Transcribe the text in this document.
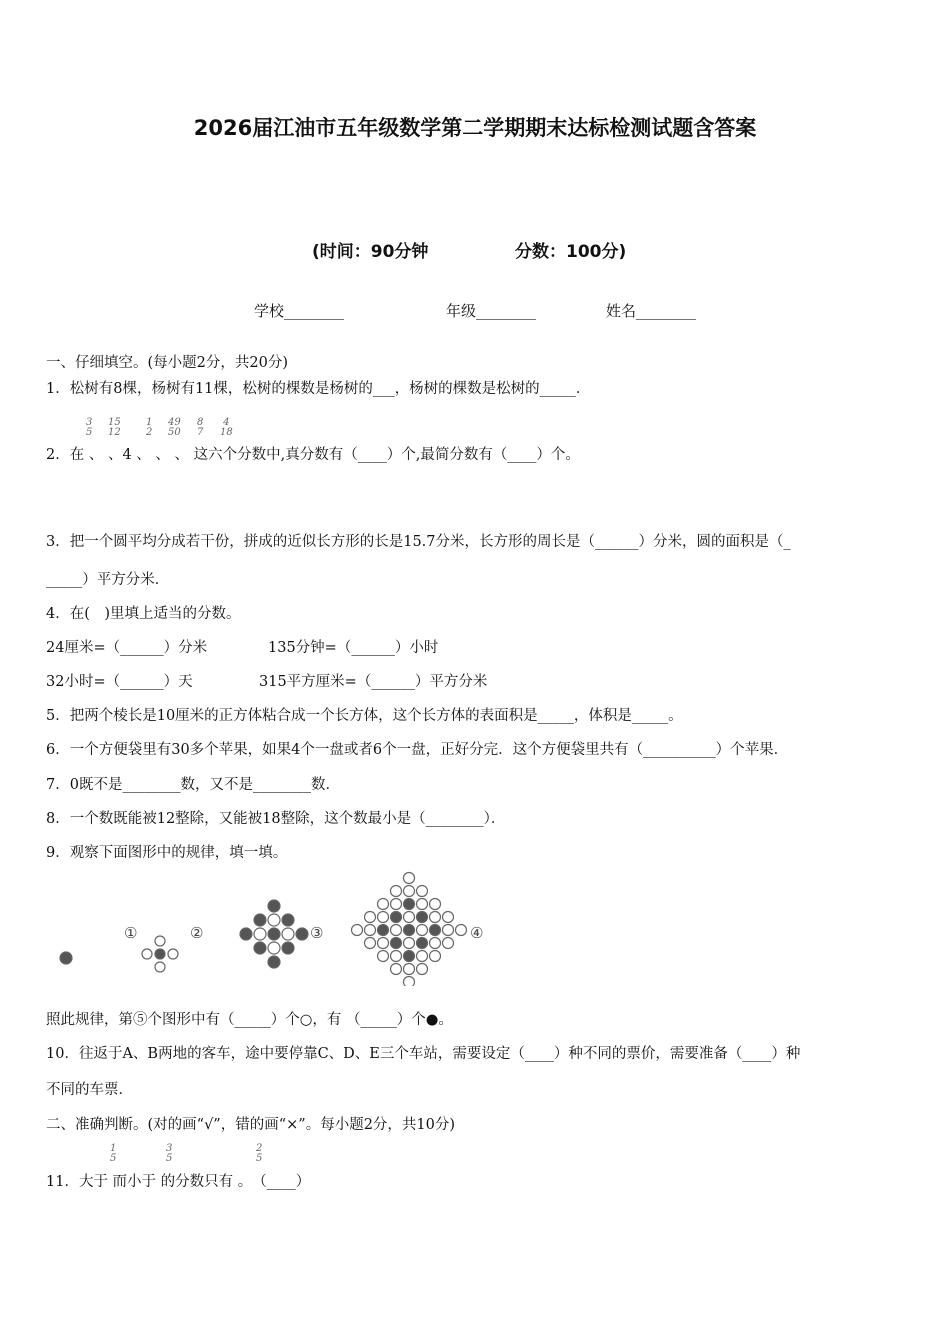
2026届江油市五年级数学第二学期期末达标检测试题含答案
(时间：90分钟	分数：100分)
学校________	年级________	姓名________
一、仔细填空。(每小题2分，共20分)
1．松树有8棵，杨树有11棵，松树的棵数是杨树的___，杨树的棵数是松树的_____．
3
5
15
12
1
2
49
50
8
7
4
18
2．在 、 、4 、 、 、 这六个分数中,真分数有（____）个,最简分数有（____）个。
3．把一个圆平均分成若干份，拼成的近似长方形的长是15.7分米，长方形的周长是（______）分米，圆的面积是（_
_____）平方分米．
4．在(　)里填上适当的分数。
24厘米=（______）分米	135分钟=（______）小时
32小时=（______）天	315平方厘米=（______）平方分米
5．把两个棱长是10厘米的正方体粘合成一个长方体，这个长方体的表面积是_____，体积是_____。
6．一个方便袋里有30多个苹果，如果4个一盘或者6个一盘，正好分完．这个方便袋里共有（__________）个苹果．
7．0既不是________数，又不是________数．
8．一个数既能被12整除，又能被18整除，这个数最小是（________）．
9．观察下面图形中的规律，填一填。
①	②	③	④
照此规律，第⑤个图形中有（_____）个○，有 （_____）个●。
10．往返于A、B两地的客车，途中要停靠C、D、E三个车站，需要设定（____）种不同的票价，需要准备（____）种
不同的车票．
二、准确判断。(对的画“√”，错的画“×”。每小题2分，共10分)
1
5
3
5
2
5
11．大于 而小于 的分数只有 。　（____）
